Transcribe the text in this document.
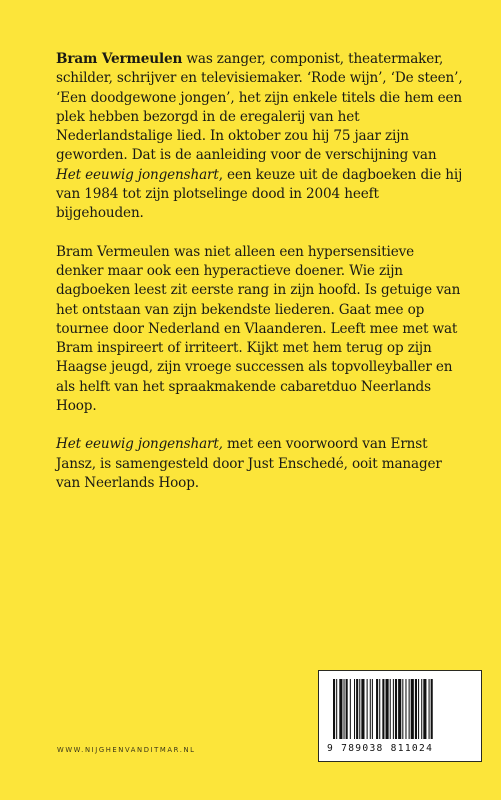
Bram Vermeulen was zanger, componist, theatermaker, schilder, schrijver en televisiemaker. ‘Rode wijn’, ‘De steen’, ‘Een doodgewone jongen’, het zijn enkele titels die hem een plek hebben bezorgd in de eregalerij van het Nederlandstalige lied. In oktober zou hij 75 jaar zijn geworden. Dat is de aanleiding voor de verschijning van Het eeuwig jongenshart, een keuze uit de dagboeken die hij van 1984 tot zijn plotselinge dood in 2004 heeft bijgehouden.

Bram Vermeulen was niet alleen een hypersensitieve denker maar ook een hyperactieve doener. Wie zijn dagboeken leest zit eerste rang in zijn hoofd. Is getuige van het ontstaan van zijn bekendste liederen. Gaat mee op tournee door Nederland en Vlaanderen. Leeft mee met wat Bram inspireert of irriteert. Kijkt met hem terug op zijn Haagse jeugd, zijn vroege successen als topvolleyballer en als helft van het spraakmakende cabaretduo Neerlands Hoop.

Het eeuwig jongenshart, met een voorwoord van Ernst Jansz, is samengesteld door Just Enschedé, ooit manager van Neerlands Hoop.

WWW.NIJGHENVANDITMAR.NL	9 789038 811024
